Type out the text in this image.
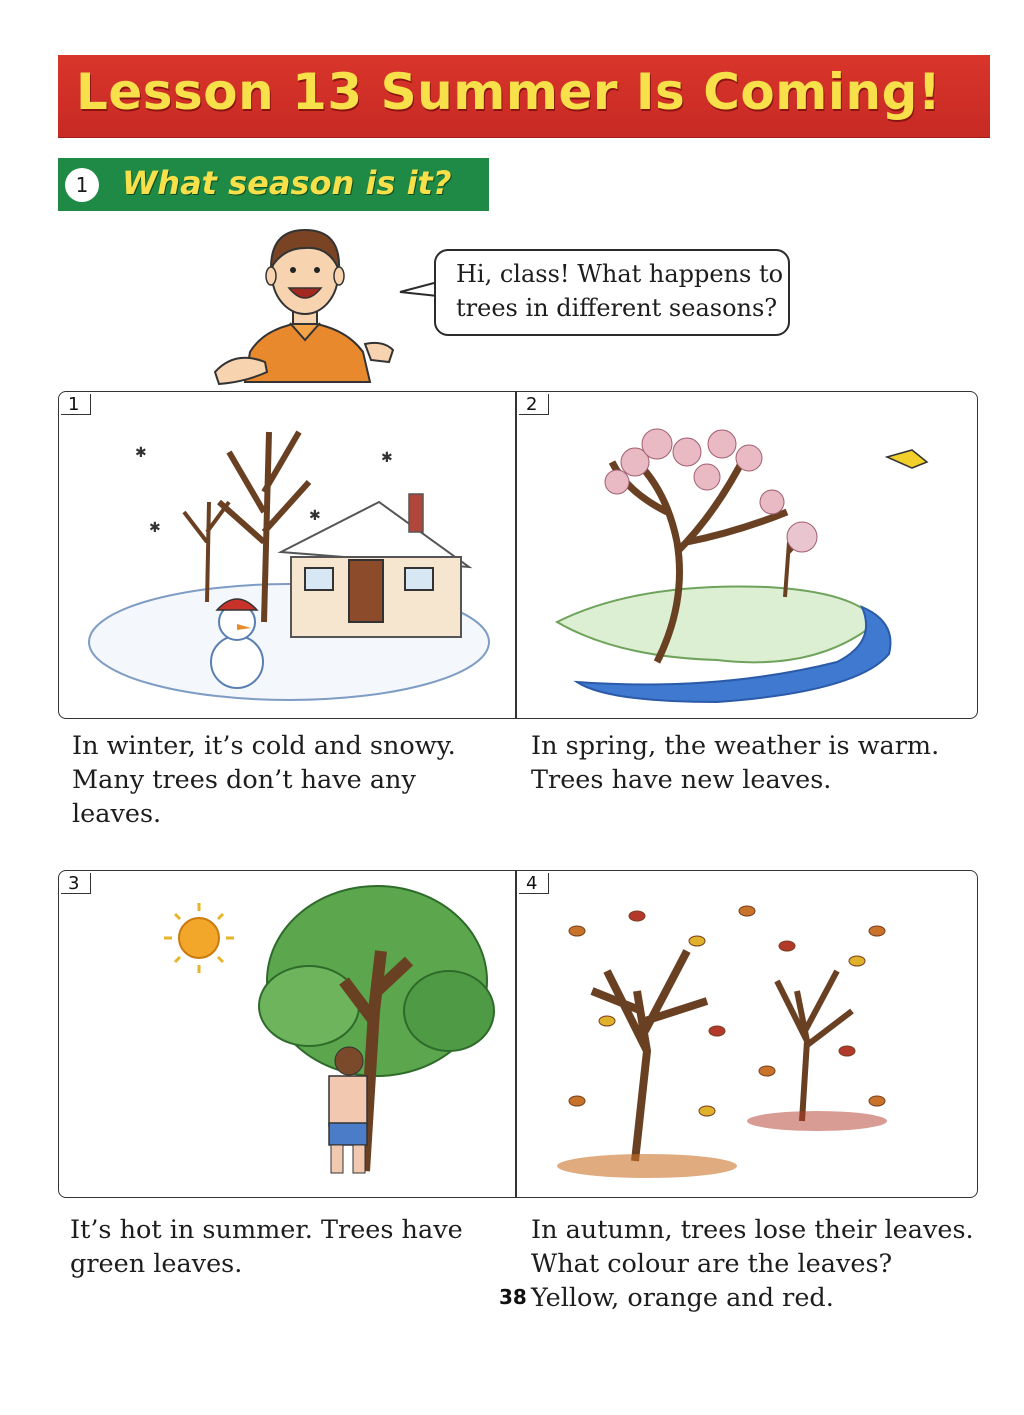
Lesson 13 Summer Is Coming!
1	What season is it?
Hi, class! What happens to
trees in different seasons?
✱
✱
✱
✱
1	2
In winter, it’s cold and snowy.
Many trees don’t have any
leaves.
In spring, the weather is warm.
Trees have new leaves.
3	4
It’s hot in summer. Trees have
green leaves.
In autumn, trees lose their leaves.
What colour are the leaves?
Yellow, orange and red.
38
